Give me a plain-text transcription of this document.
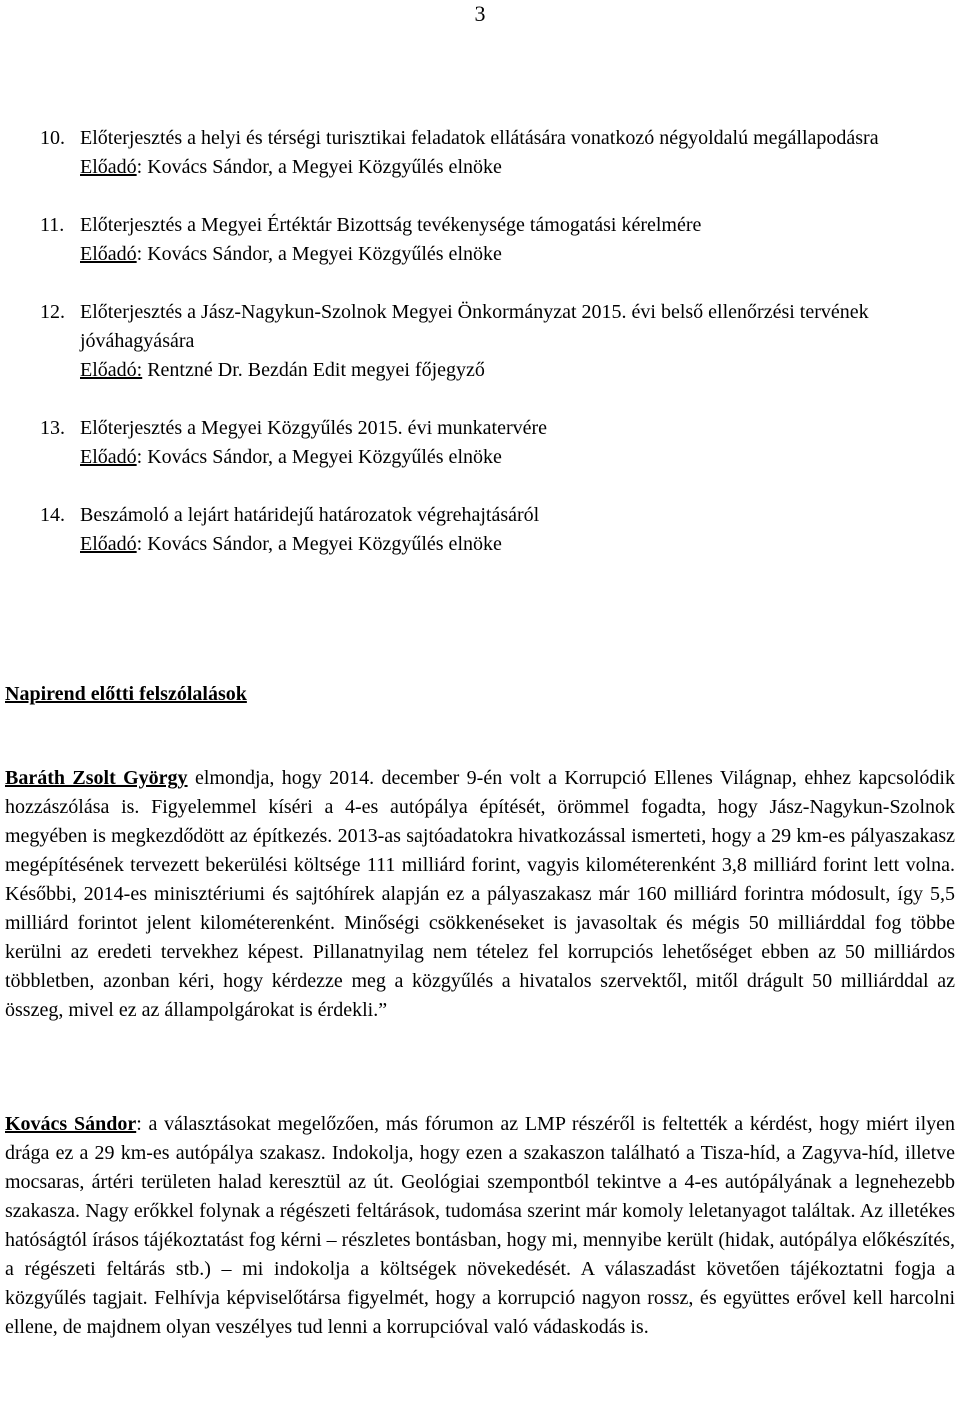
3
10. Előterjesztés a helyi és térségi turisztikai feladatok ellátására vonatkozó négyoldalú megállapodásra
Előadó: Kovács Sándor, a Megyei Közgyűlés elnöke
11. Előterjesztés a Megyei Értéktár Bizottság tevékenysége támogatási kérelmére
Előadó: Kovács Sándor, a Megyei Közgyűlés elnöke
12. Előterjesztés a Jász-Nagykun-Szolnok Megyei Önkormányzat 2015. évi belső ellenőrzési tervének jóváhagyására
Előadó: Rentzné Dr. Bezdán Edit megyei főjegyző
13. Előterjesztés a Megyei Közgyűlés 2015. évi munkatervére
Előadó: Kovács Sándor, a Megyei Közgyűlés elnöke
14. Beszámoló a lejárt határidejű határozatok végrehajtásáról
Előadó: Kovács Sándor, a Megyei Közgyűlés elnöke
Napirend előtti felszólalások
Baráth Zsolt György elmondja, hogy 2014. december 9-én volt a Korrupció Ellenes Világnap, ehhez kapcsolódik hozzászólása is. Figyelemmel kíséri a 4-es autópálya építését, örömmel fogadta, hogy Jász-Nagykun-Szolnok megyében is megkezdődött az építkezés. 2013-as sajtóadatokra hivatkozással ismerteti, hogy a 29 km-es pályaszakasz megépítésének tervezett bekerülési költsége 111 milliárd forint, vagyis kilométerenként 3,8 milliárd forint lett volna. Későbbi, 2014-es minisztériumi és sajtóhírek alapján ez a pályaszakasz már 160 milliárd forintra módosult, így 5,5 milliárd forintot jelent kilométerenként. Minőségi csökkenéseket is javasoltak és mégis 50 milliárddal fog többe kerülni az eredeti tervekhez képest. Pillanatnyilag nem tételez fel korrupciós lehetőséget ebben az 50 milliárdos többletben, azonban kéri, hogy kérdezze meg a közgyűlés a hivatalos szervektől, mitől drágult 50 milliárddal az összeg, mivel ez az állampolgárokat is érdekli.”
Kovács Sándor: a választásokat megelőzően, más fórumon az LMP részéről is feltették a kérdést, hogy miért ilyen drága ez a 29 km-es autópálya szakasz. Indokolja, hogy ezen a szakaszon található a Tisza-híd, a Zagyva-híd, illetve mocsaras, ártéri területen halad keresztül az út. Geológiai szempontból tekintve a 4-es autópályának a legnehezebb szakasza. Nagy erőkkel folynak a régészeti feltárások, tudomása szerint már komoly leletanyagot találtak. Az illetékes hatóságtól írásos tájékoztatást fog kérni – részletes bontásban, hogy mi, mennyibe került (hidak, autópálya előkészítés, a régészeti feltárás stb.) – mi indokolja a költségek növekedését. A válaszadást követően tájékoztatni fogja a közgyűlés tagjait. Felhívja képviselőtársa figyelmét, hogy a korrupció nagyon rossz, és együttes erővel kell harcolni ellene, de majdnem olyan veszélyes tud lenni a korrupcióval való vádaskodás is.
